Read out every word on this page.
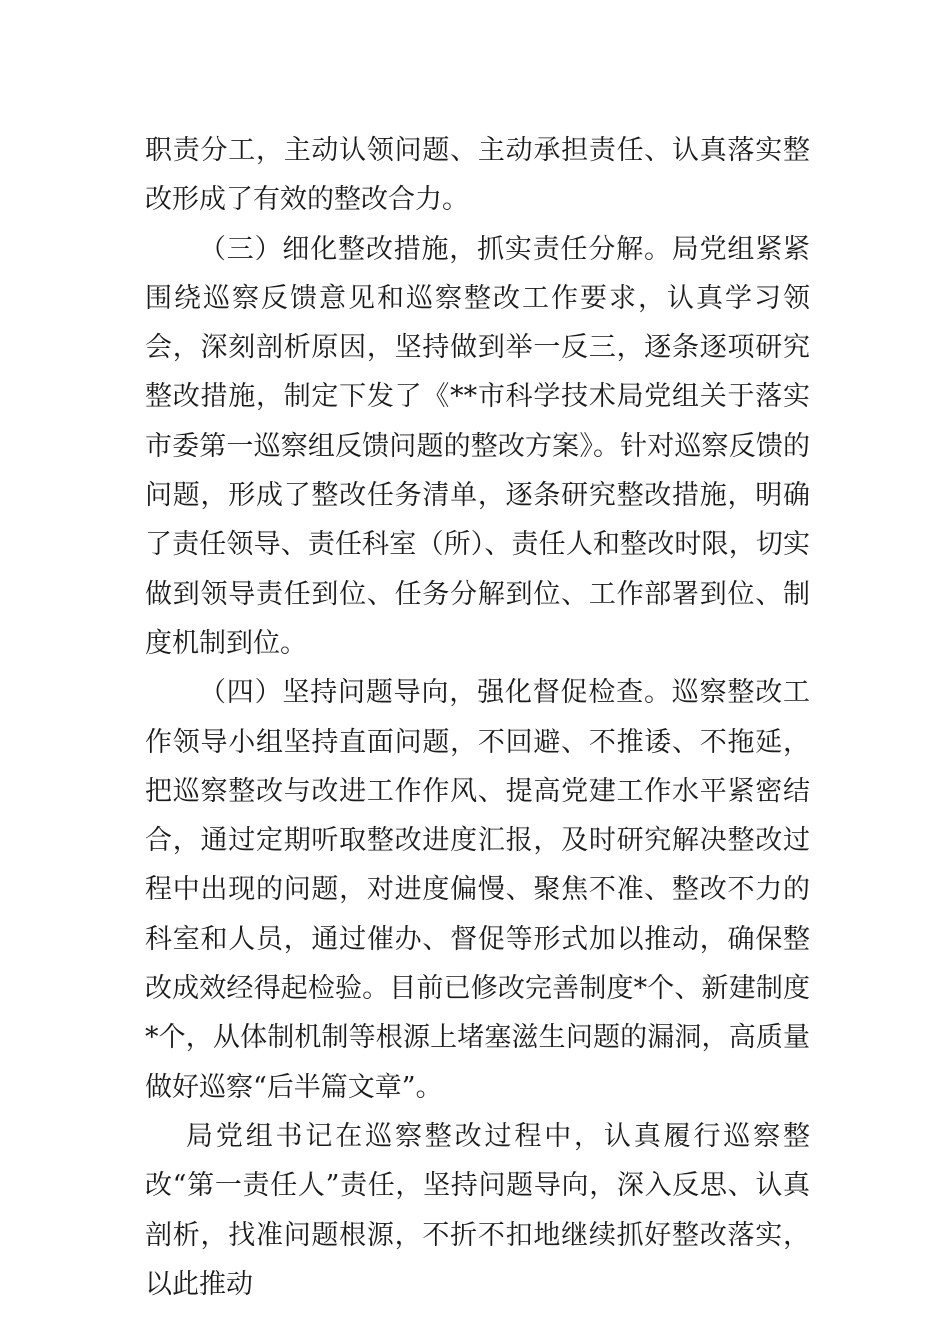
职责分工，主动认领问题、主动承担责任、认真落实整改形成了有效的整改合力。

（三）细化整改措施，抓实责任分解。局党组紧紧围绕巡察反馈意见和巡察整改工作要求，认真学习领会，深刻剖析原因，坚持做到举一反三，逐条逐项研究整改措施，制定下发了《**市科学技术局党组关于落实市委第一巡察组反馈问题的整改方案》。针对巡察反馈的问题，形成了整改任务清单，逐条研究整改措施，明确了责任领导、责任科室（所）、责任人和整改时限，切实做到领导责任到位、任务分解到位、工作部署到位、制度机制到位。

（四）坚持问题导向，强化督促检查。巡察整改工作领导小组坚持直面问题，不回避、不推诿、不拖延，把巡察整改与改进工作作风、提高党建工作水平紧密结合，通过定期听取整改进度汇报，及时研究解决整改过程中出现的问题，对进度偏慢、聚焦不准、整改不力的科室和人员，通过催办、督促等形式加以推动，确保整改成效经得起检验。目前已修改完善制度*个、新建制度*个，从体制机制等根源上堵塞滋生问题的漏洞，高质量做好巡察“后半篇文章”。

局党组书记在巡察整改过程中，认真履行巡察整改“第一责任人”责任，坚持问题导向，深入反思、认真剖析，找准问题根源，不折不扣地继续抓好整改落实，以此推动
